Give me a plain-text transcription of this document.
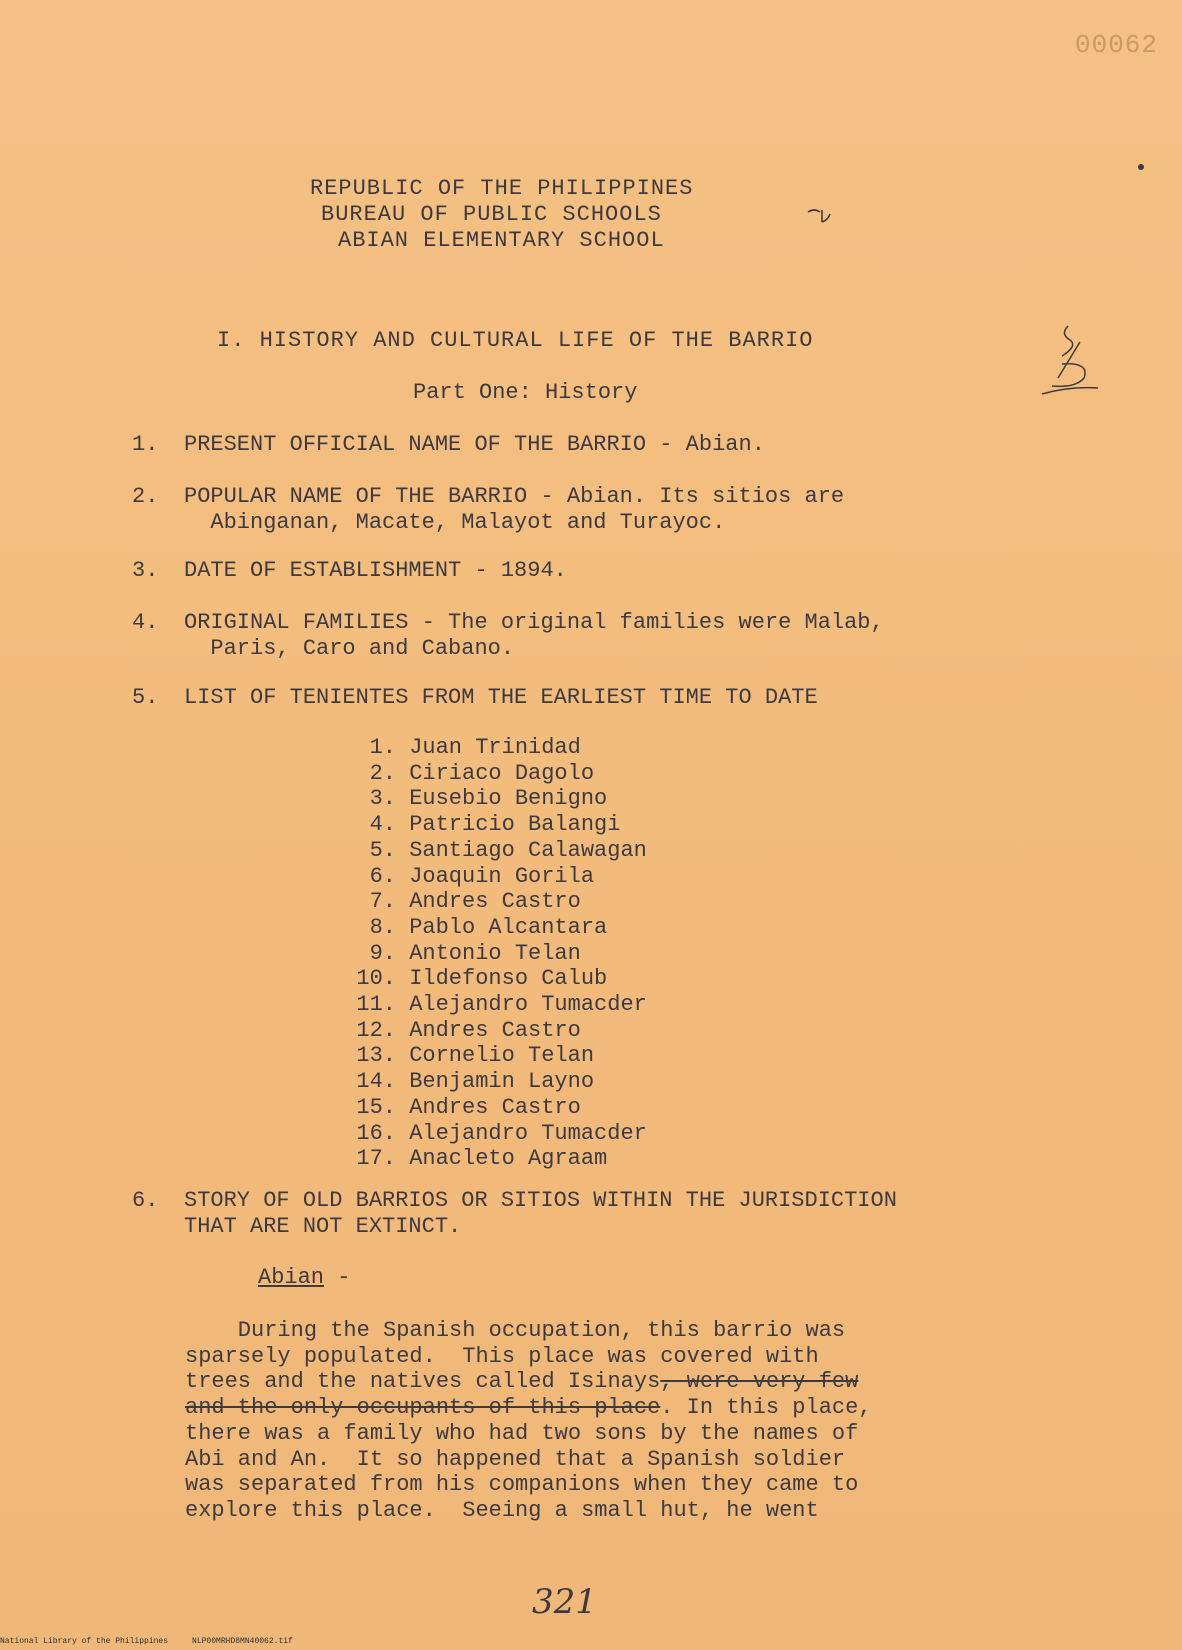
00062
REPUBLIC OF THE PHILIPPINES
BUREAU OF PUBLIC SCHOOLS
ABIAN ELEMENTARY SCHOOL
I. HISTORY AND CULTURAL LIFE OF THE BARRIO
Part One: History
1. PRESENT OFFICIAL NAME OF THE BARRIO - Abian.
2. POPULAR NAME OF THE BARRIO - Abian. Its sitios are
Abinganan, Macate, Malayot and Turayoc.
3. DATE OF ESTABLISHMENT - 1894.
4. ORIGINAL FAMILIES - The original families were Malab,
Paris, Caro and Cabano.
5. LIST OF TENIENTES FROM THE EARLIEST TIME TO DATE
1. Juan Trinidad
2. Ciriaco Dagolo
3. Eusebio Benigno
4. Patricio Balangi
5. Santiago Calawagan
6. Joaquin Gorila
7. Andres Castro
8. Pablo Alcantara
9. Antonio Telan
10. Ildefonso Calub
11. Alejandro Tumacder
12. Andres Castro
13. Cornelio Telan
14. Benjamin Layno
15. Andres Castro
16. Alejandro Tumacder
17. Anacleto Agraam
6. STORY OF OLD BARRIOS OR SITIOS WITHIN THE JURISDICTION
THAT ARE NOT EXTINCT.
Abian -
During the Spanish occupation, this barrio was
sparsely populated.  This place was covered with
trees and the natives called Isinays, were very few
and the only occupants of this place. In this place,
there was a family who had two sons by the names of
Abi and An.  It so happened that a Spanish soldier
was separated from his companions when they came to
explore this place.  Seeing a small hut, he went
321
National Library of the Philippines     NLP00MRHD8MN40062.tif
